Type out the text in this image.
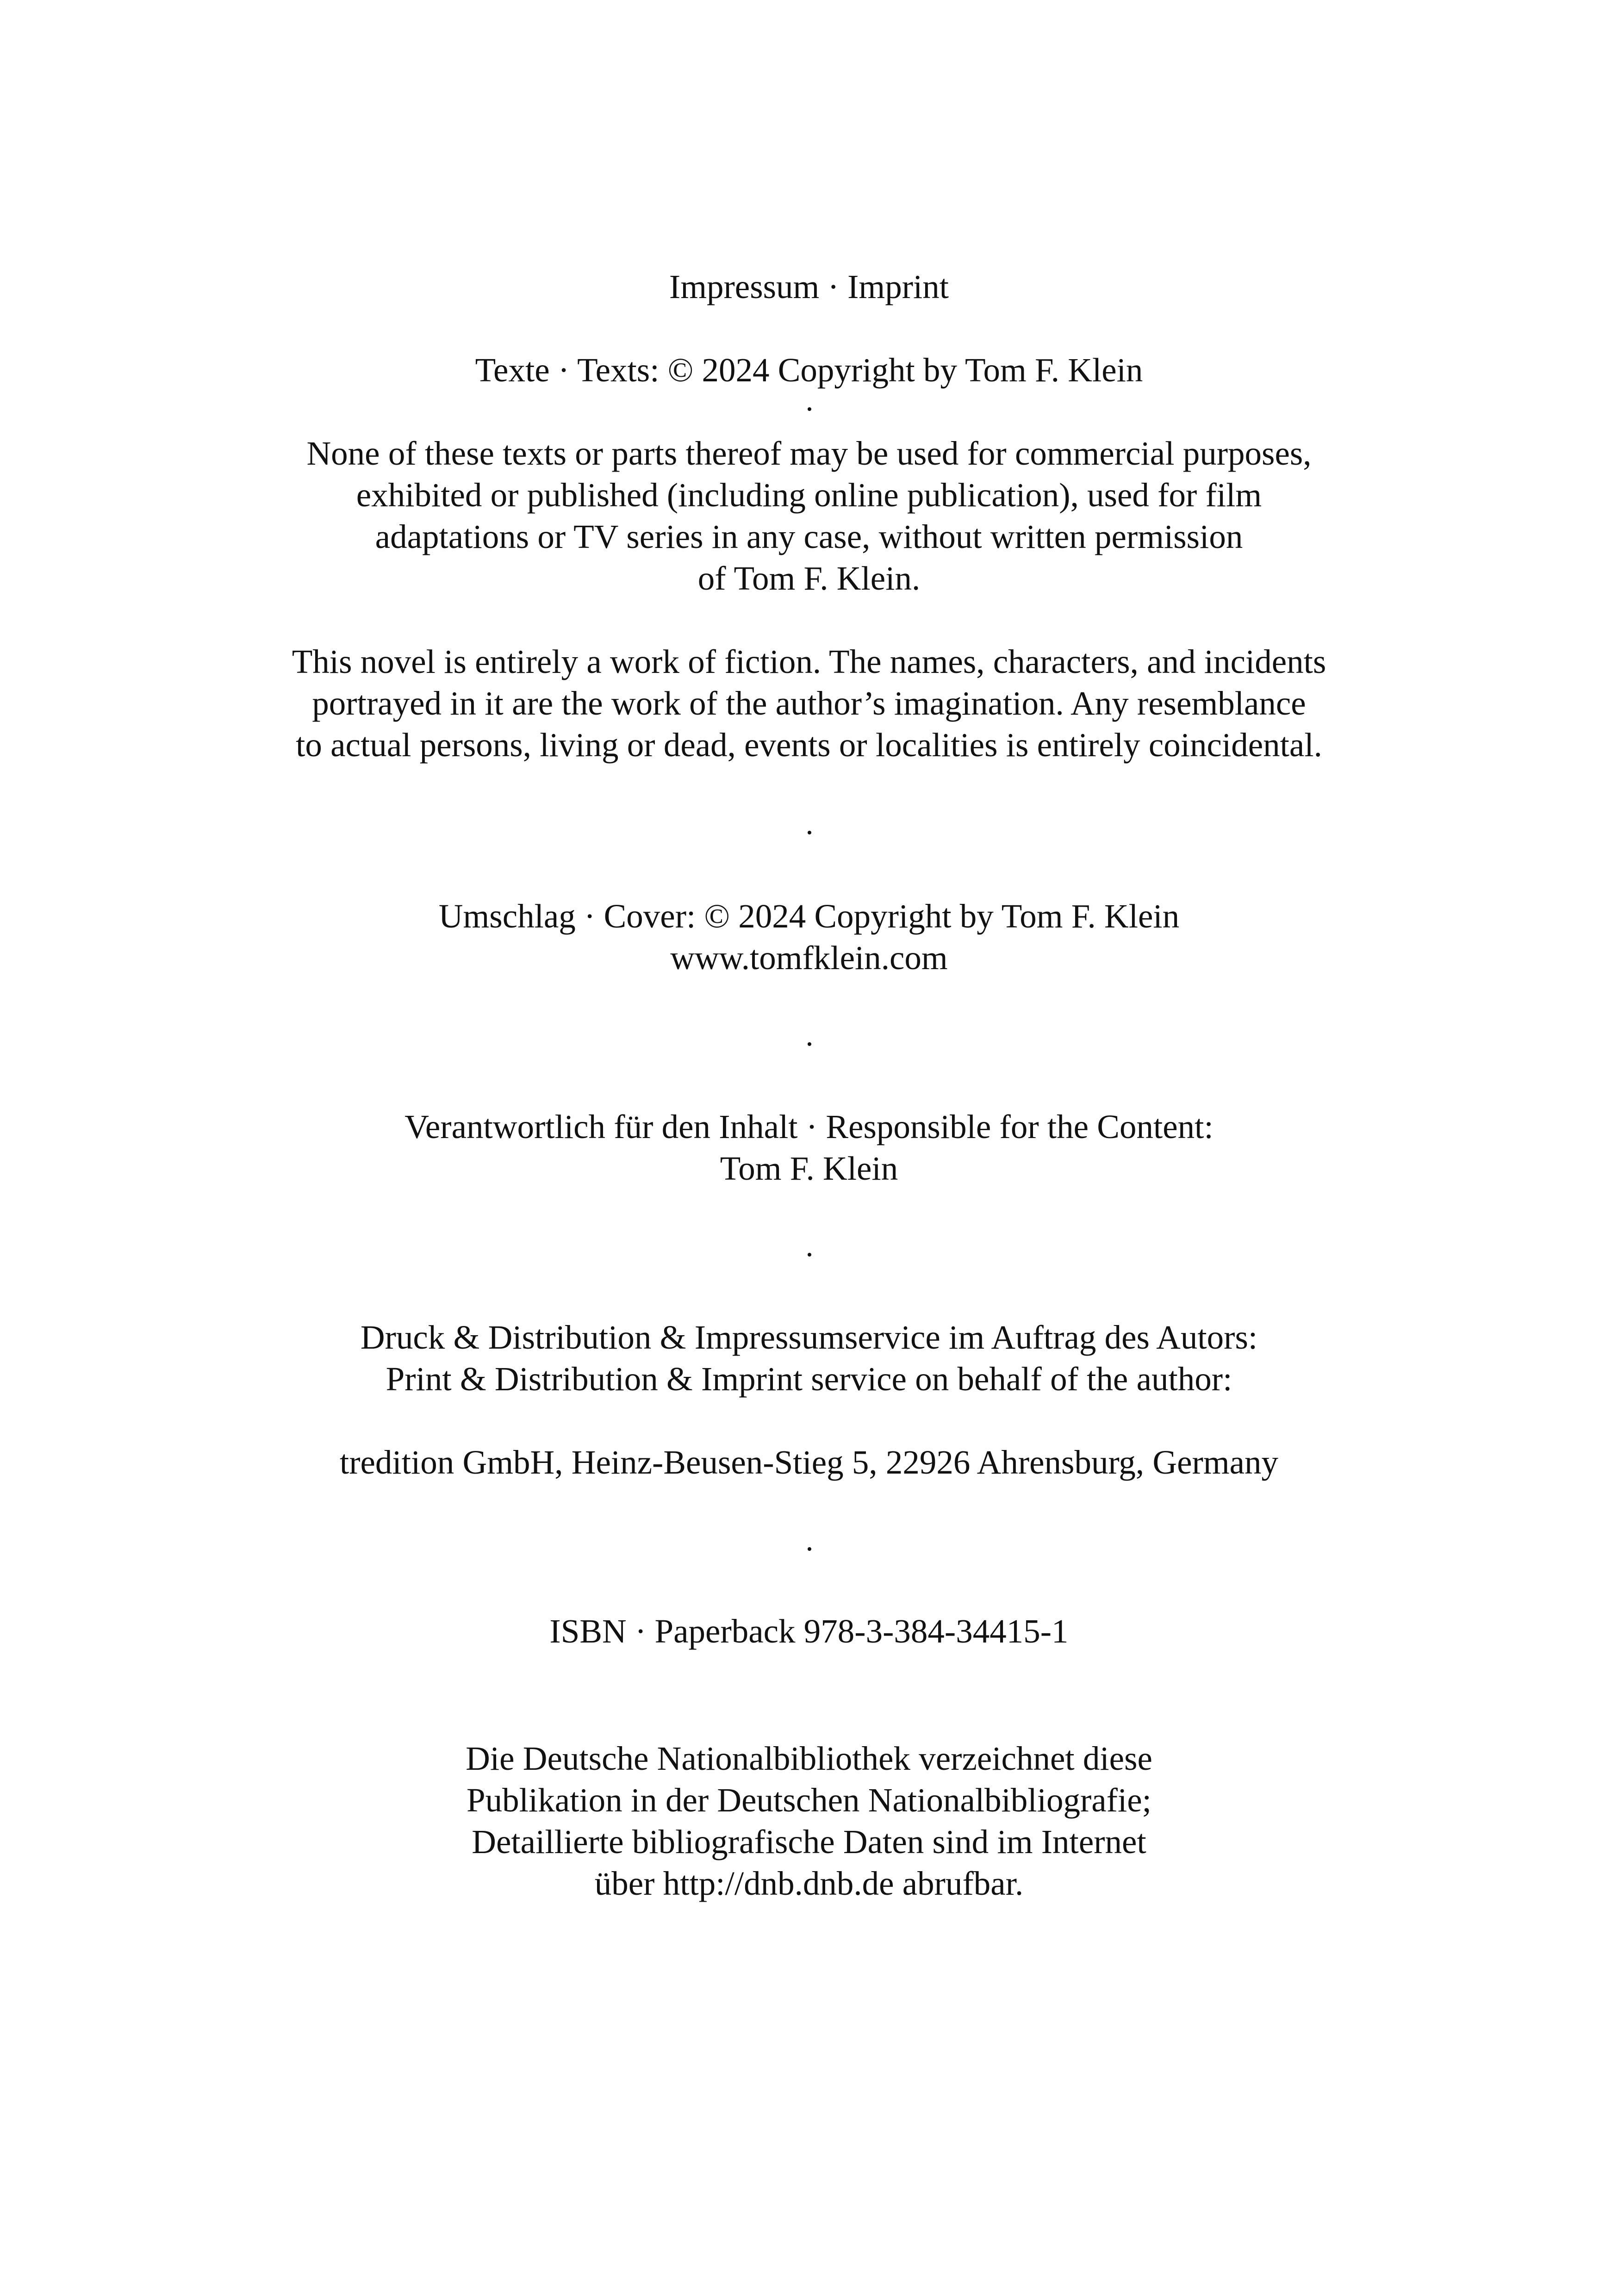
Impressum · Imprint

Texte · Texts: © 2024 Copyright by Tom F. Klein

None of these texts or parts thereof may be used for commercial purposes,

exhibited or published (including online publication), used for film

adaptations or TV series in any case, without written permission

of Tom F. Klein.

This novel is entirely a work of fiction. The names, characters, and incidents

portrayed in it are the work of the author’s imagination. Any resemblance

to actual persons, living or dead, events or localities is entirely coincidental.

Umschlag · Cover: © 2024 Copyright by Tom F. Klein

www.tomfklein.com

Verantwortlich für den Inhalt · Responsible for the Content:

Tom F. Klein

Druck & Distribution & Impressumservice im Auftrag des Autors:

Print & Distribution & Imprint service on behalf of the author:

tredition GmbH, Heinz-Beusen-Stieg 5, 22926 Ahrensburg, Germany

ISBN · Paperback 978-3-384-34415-1

Die Deutsche Nationalbibliothek verzeichnet diese

Publikation in der Deutschen Nationalbibliografie;

Detaillierte bibliografische Daten sind im Internet

über http://dnb.dnb.de abrufbar.
